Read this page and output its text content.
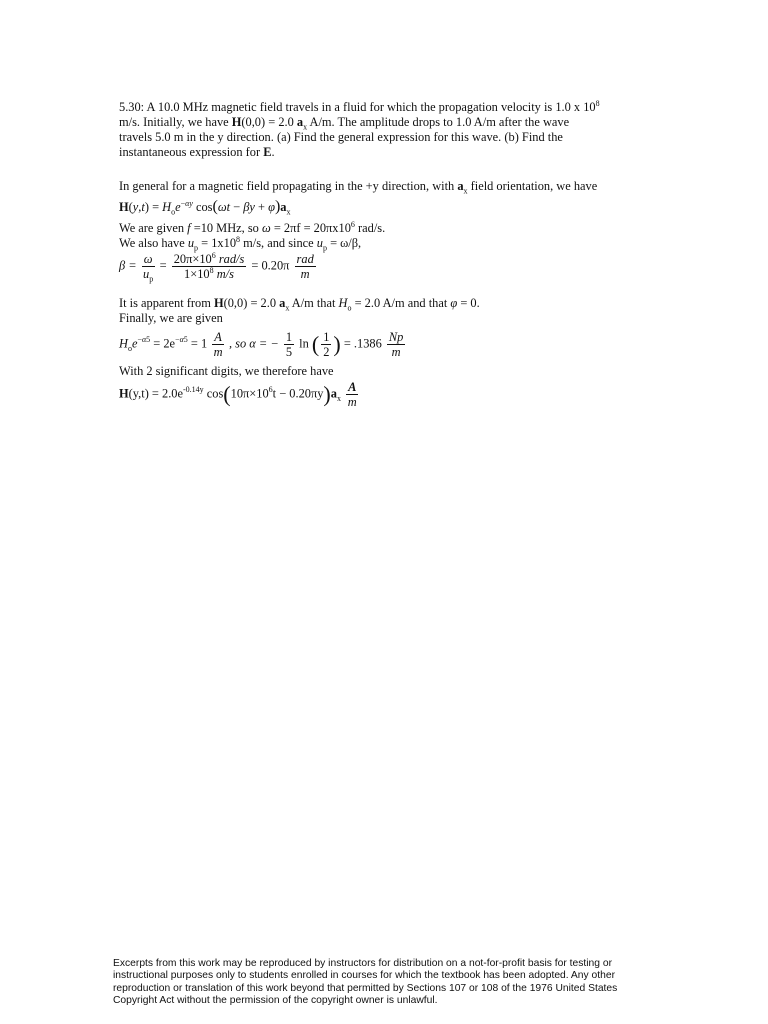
5.30: A 10.0 MHz magnetic field travels in a fluid for which the propagation velocity is 1.0 x $10^8$
m/s. Initially, we have H(0,0) = 2.0 $a_x$ A/m. The amplitude drops to 1.0 A/m after the wave
travels 5.0 m in the y direction. (a) Find the general expression for this wave. (b) Find the
instantaneous expression for E.
In general for a magnetic field propagating in the +y direction, with $a_x$ field orientation, we have
$H(y,t) = H_oe^{-\alpha y}$ $\cos(\omega t - \beta y + \varphi)a_x$
We are given f =10 MHz, so $\omega = 2\pi f = 20\pi x10^6$ rad/s.
We also have $u_p = 1x10^8$ m/s, and since $u_p = \omega/\beta$,
$\beta = \frac{\omega}{u_p} = \frac{20\pi\times 10^6 rad/s}{1\times 10^8 m/s} = 0.20\pi \frac{\text{rad}}{m}$
It is apparent from H(0,0) = 2.0 $a_x$ A/m that $H_o = 2.0$ A/m and that φ = 0.
Finally, we are given
$H_oe^{-\alpha 5} = 2e^{-\alpha 5} = 1 \frac{A}{m}$ , so α = − $\frac{1}{5}$ ln ( $\frac{1}{2}$ ) = $.1386 \frac{Np}{m}$
With 2 significant digits, we therefore have
$H(y,t) = 2.0e^{-0.14y}$ $\cos(10\pi\times 10^6t - 0.20\pi y)a_x \frac{A}{m}$
Excerpts from this work may be reproduced by instructors for distribution on a not-for-profit basis for testing or instructional purposes only to students enrolled in courses for which the textbook has been adopted. Any other reproduction or translation of this work beyond that permitted by Sections 107 or 108 of the 1976 United States Copyright Act without the permission of the copyright owner is unlawful.
